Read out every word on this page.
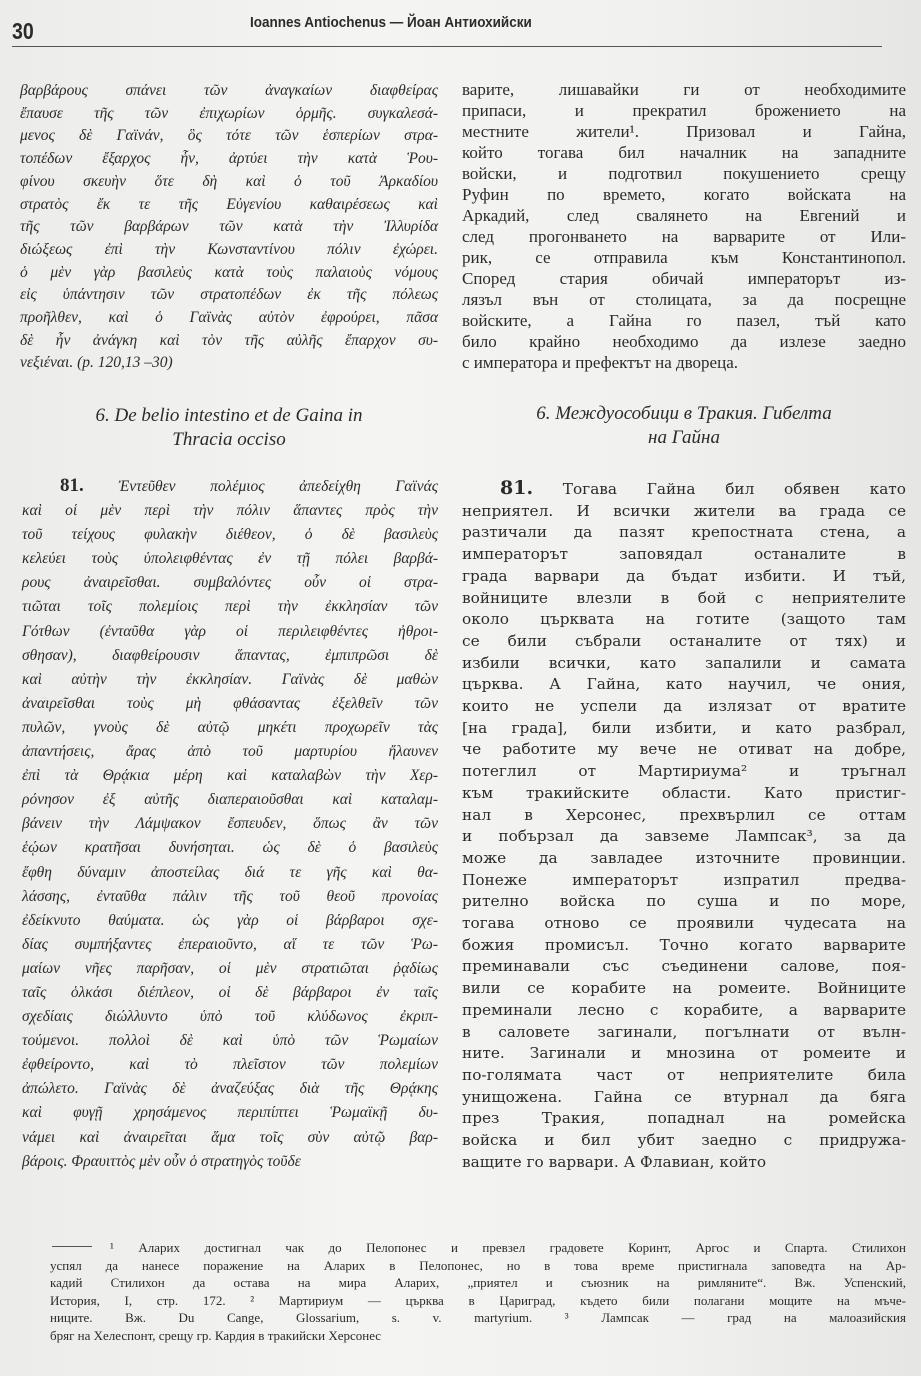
30	Ioannes Antiochenus — Йоан Антиохийски
βαρβάρους σπάνει τῶν ἀναγκαίων διαφθείρας
ἔπαυσε τῆς τῶν ἐπιχωρίων ὁρμῆς. συγκαλεσά-
μενος δὲ Γαϊνάν, ὃς τότε τῶν ἑσπερίων στρα-
τοπέδων ἔξαρχος ἦν, ἀρτύει τὴν κατὰ Ῥου-
φίνου σκευὴν ὅτε δὴ καὶ ὁ τοῦ Ἀρκαδίου
στρατὸς ἔκ τε τῆς Εὐγενίου καθαιρέσεως καὶ
τῆς τῶν βαρβάρων τῶν κατὰ τὴν Ἰλλυρίδα
διώξεως ἐπὶ τὴν Κωνσταντίνου πόλιν ἐχώρει.
ὁ μὲν γὰρ βασιλεὺς κατὰ τοὺς παλαιοὺς νόμους
εἰς ὑπάντησιν τῶν στρατοπέδων ἐκ τῆς πόλεως
προῆλθεν, καὶ ὁ Γαϊνὰς αὐτὸν ἐφρούρει, πᾶσα
δὲ ἦν ἀνάγκη καὶ τὸν τῆς αὐλῆς ἔπαρχον συ-
νεξιέναι. (p. 120,13 –30)
варите, лишавайки ги от необходимите
припаси, и прекратил брожението на
местните жители¹. Призовал и Гайна,
който тогава бил началник на западните
войски, и подготвил покушението срещу
Руфин по времето, когато войската на
Аркадий, след свалянето на Евгений и
след прогонването на варварите от Или-
рик, се отправила към Константинопол.
Според стария обичай императорът из-
лязъл вън от столицата, за да посрещне
войските, а Гайна го пазел, тъй като
било крайно необходимо да излезе заедно
с императора и префектът на двореца.
6. De belio intestino et de Gaina in
Thracia occiso
6. Междуособици в Тракия. Гибелта
на Гайна
81. Ἐντεῦθεν πολέμιος ἀπεδείχθη Γαϊνάς
καὶ οἱ μὲν περὶ τὴν πόλιν ἅπαντες πρὸς τὴν
τοῦ τείχους φυλακὴν διέθεον, ὁ δὲ βασιλεὺς
κελεύει τοὺς ὑπολειφθέντας ἐν τῇ πόλει βαρβά-
ρους ἀναιρεῖσθαι. συμβαλόντες οὖν οἱ στρα-
τιῶται τοῖς πολεμίοις περὶ τὴν ἐκκλησίαν τῶν
Γότθων (ἐνταῦθα γὰρ οἱ περιλειφθέντες ἠθροι-
σθησαν), διαφθείρουσιν ἅπαντας, ἐμπιπρῶσι δὲ
καὶ αὐτὴν τὴν ἐκκλησίαν. Γαϊνὰς δὲ μαθὼν
ἀναιρεῖσθαι τοὺς μὴ φθάσαντας ἐξελθεῖν τῶν
πυλῶν, γνοὺς δὲ αὐτῷ μηκέτι προχωρεῖν τὰς
ἀπαντήσεις, ἄρας ἀπὸ τοῦ μαρτυρίου ἤλαυνεν
ἐπὶ τὰ Θρᾴκια μέρη καὶ καταλαβὼν τὴν Χερ-
ρόνησον ἐξ αὐτῆς διαπεραιοῦσθαι καὶ καταλαμ-
βάνειν τὴν Λάμψακον ἔσπευδεν, ὅπως ἂν τῶν
ἑῴων κρατῆσαι δυνήσηται. ὡς δὲ ὁ βασιλεὺς
ἔφθη δύναμιν ἀποστείλας διά τε γῆς καὶ θα-
λάσσης, ἐνταῦθα πάλιν τῆς τοῦ θεοῦ προνοίας
ἐδείκνυτο θαύματα. ὡς γὰρ οἱ βάρβαροι σχε-
δίας συμπήξαντες ἐπεραιοῦντο, αἵ τε τῶν Ῥω-
μαίων νῆες παρῆσαν, οἱ μὲν στρατιῶται ῥᾳδίως
ταῖς ὁλκάσι διέπλεον, οἱ δὲ βάρβαροι ἐν ταῖς
σχεδίαις διώλλυντο ὑπὸ τοῦ κλύδωνος ἐκριπ-
τούμενοι. πολλοὶ δὲ καὶ ὑπὸ τῶν Ῥωμαίων
ἐφθείροντο, καὶ τὸ πλεῖστον τῶν πολεμίων
ἀπώλετο. Γαϊνὰς δὲ ἀναζεύξας διὰ τῆς Θρᾴκης
καὶ φυγῇ χρησάμενος περιπίπτει Ῥωμαϊκῇ δυ-
νάμει καὶ ἀναιρεῖται ἅμα τοῖς σὺν αὐτῷ βαρ-
βάροις. Φραυιττὸς μὲν οὖν ὁ στρατηγὸς τοῦδε
81. Тогава Гайна бил обявен като
неприятел. И всички жители ва града се
разтичали да пазят крепостната стена, а
императорът заповядал останалите в
града варвари да бъдат избити. И тъй,
войниците влезли в бой с неприятелите
около църквата на готите (защото там
се били събрали останалите от тях) и
избили всички, като запалили и самата
църква. А Гайна, като научил, че ония,
които не успели да излязат от вратите
[на града], били избити, и като разбрал,
че работите му вече не отиват на добре,
потеглил от Мартириума² и тръгнал
към тракийските области. Като пристиг-
нал в Херсонес, прехвърлил се оттам
и побързал да завземе Лампсак³, за да
може да завладее източните провинции.
Понеже императорът изпратил предва-
рително войска по суша и по море,
тогава отново се проявили чудесата на
божия промисъл. Точно когато варварите
преминавали със съединени салове, поя-
вили се корабите на ромеите. Войниците
преминали лесно с корабите, а варварите
в саловете загинали, погълнати от вълн-
ните. Загинали и мнозина от ромеите и
по-голямата част от неприятелите била
унищожена. Гайна се втурнал да бяга
през Тракия, попаднал на ромейска
войска и бил убит заедно с придружа-
ващите го варвари. А Флавиан, който
¹ Аларих достигнал чак до Пелопонес и превзел градовете Коринт, Аргос и Спарта. Стилихон
успял да нанесе поражение на Аларих в Пелопонес, но в това време пристигнала заповедта на Ар-
кадий Стилихон да остава на мира Аларих, „приятел и съюзник на римляните“. Вж. Успенский,
История, I, стр. 172. ² Мартириум — църква в Цариград, където били полагани мощите на мъче-
ниците. Вж. Du Cange, Glossarium, s. v. martyrium. ³ Лампсак — град на малоазийския
бряг на Хелеспонт, срещу гр. Кардия в тракийски Херсонес
